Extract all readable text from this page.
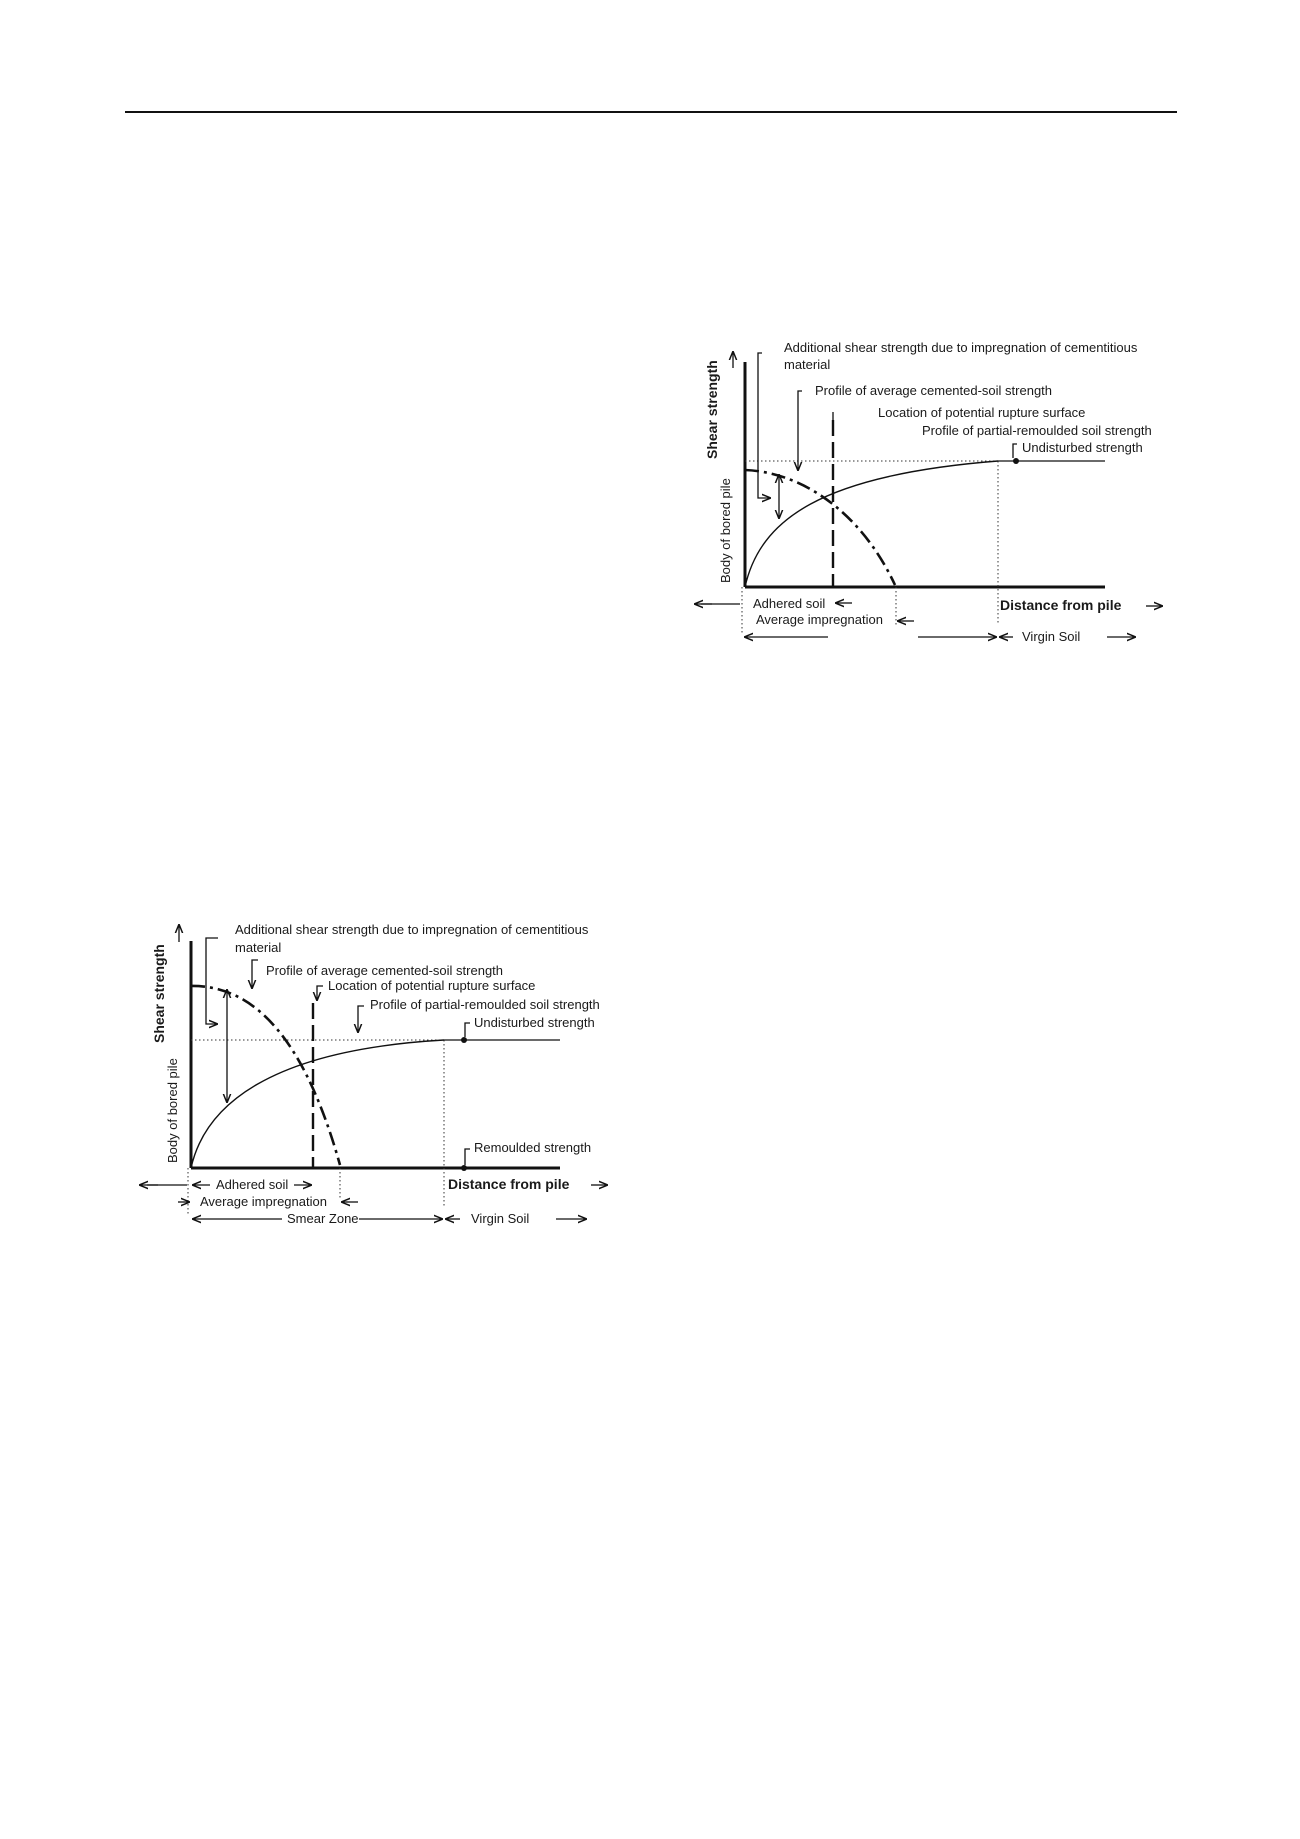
Additional shear strength due to impregnation of cementitious
material
Profile of average cemented-soil strength
Location of potential rupture surface
Profile of partial-remoulded soil strength
Undisturbed strength
Shear strength
Body of bored pile
Distance from pile
Adhered soil
Average impregnation
Virgin Soil
Additional shear strength due to impregnation of cementitious
material
Profile of average cemented-soil strength
Location of potential rupture surface
Profile of partial-remoulded soil strength
Undisturbed strength
Remoulded strength
Shear strength
Body of bored pile
Distance from pile
Adhered soil
Average impregnation
Smear Zone	Virgin Soil
